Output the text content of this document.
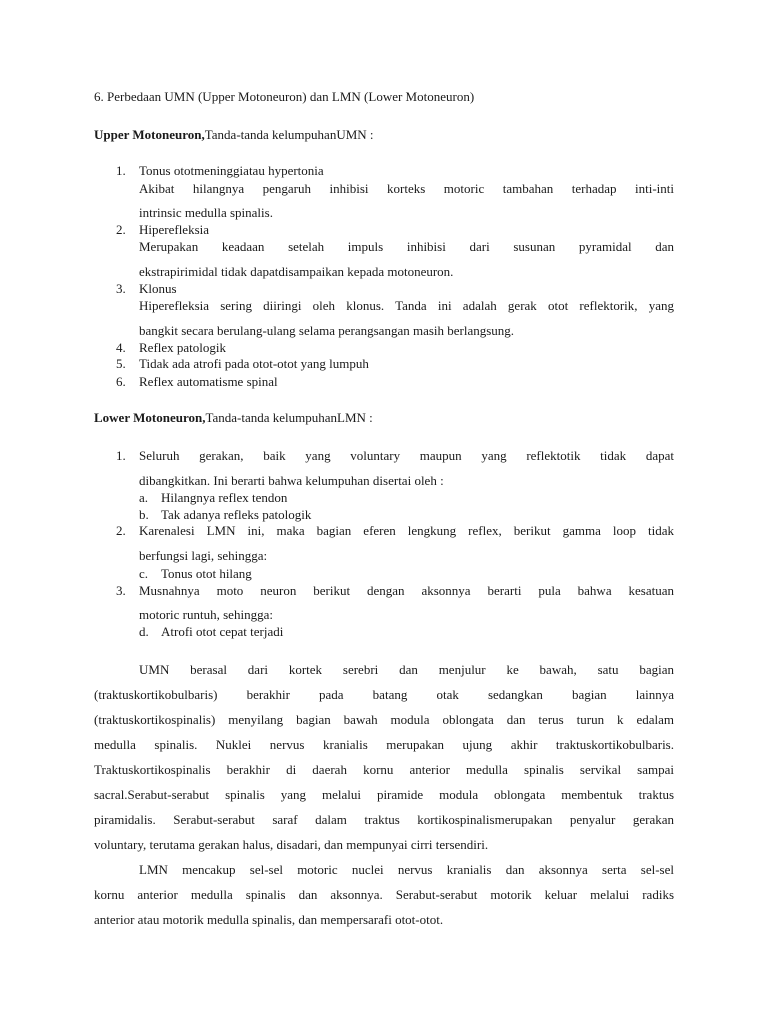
6. Perbedaan UMN (Upper Motoneuron) dan LMN (Lower Motoneuron)
Upper Motoneuron,Tanda-tanda kelumpuhanUMN :
1. Tonus ototmeninggiatau hypertonia
Akibat hilangnya pengaruh inhibisi korteks motoric tambahan terhadap inti-inti
intrinsic medulla spinalis.
2. Hiperefleksia
Merupakan keadaan setelah impuls inhibisi dari susunan pyramidal dan
ekstrapirimidal tidak dapatdisampaikan kepada motoneuron.
3. Klonus
Hiperefleksia sering diiringi oleh klonus. Tanda ini adalah gerak otot reflektorik, yang
bangkit secara berulang-ulang selama perangsangan masih berlangsung.
4. Reflex patologik
5. Tidak ada atrofi pada otot-otot yang lumpuh
6. Reflex automatisme spinal
Lower Motoneuron,Tanda-tanda kelumpuhanLMN :
1. Seluruh gerakan, baik yang voluntary maupun yang reflektotik tidak dapat
dibangkitkan. Ini berarti bahwa kelumpuhan disertai oleh :
a. Hilangnya reflex tendon
b. Tak adanya refleks patologik
2. Karenalesi LMN ini, maka bagian eferen lengkung reflex, berikut gamma loop tidak
berfungsi lagi, sehingga:
c. Tonus otot hilang
3. Musnahnya moto neuron berikut dengan aksonnya berarti pula bahwa kesatuan
motoric runtuh, sehingga:
d. Atrofi otot cepat terjadi
UMN berasal dari kortek serebri dan menjulur ke bawah, satu bagian
(traktuskortikobulbaris) berakhir pada batang otak sedangkan bagian lainnya
(traktuskortikospinalis) menyilang bagian bawah modula oblongata dan terus turun k edalam
medulla spinalis. Nuklei nervus kranialis merupakan ujung akhir traktuskortikobulbaris.
Traktuskortikospinalis berakhir di daerah kornu anterior medulla spinalis servikal sampai
sacral.Serabut-serabut spinalis yang melalui piramide modula oblongata membentuk traktus
piramidalis. Serabut-serabut saraf dalam traktus kortikospinalismerupakan penyalur gerakan
voluntary, terutama gerakan halus, disadari, dan mempunyai cirri tersendiri.
LMN mencakup sel-sel motoric nuclei nervus kranialis dan aksonnya serta sel-sel
kornu anterior medulla spinalis dan aksonnya. Serabut-serabut motorik keluar melalui radiks
anterior atau motorik medulla spinalis, dan mempersarafi otot-otot.
